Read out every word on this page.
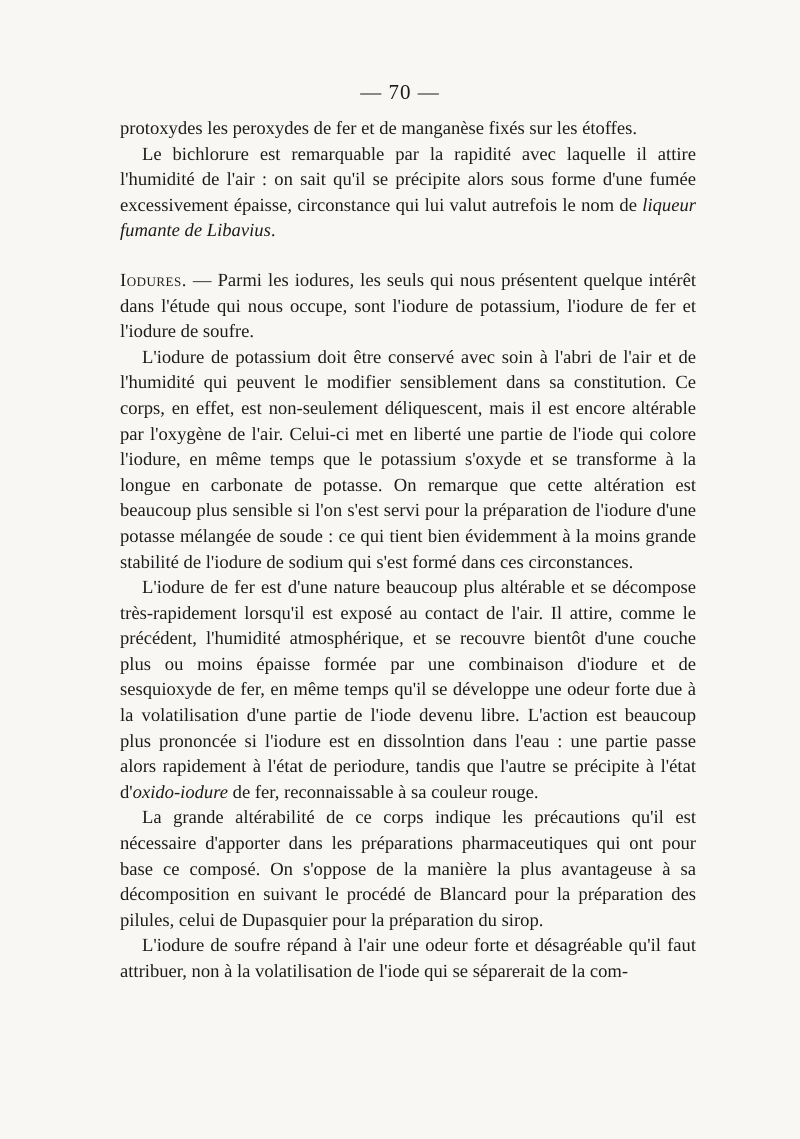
— 70 —

protoxydes les peroxydes de fer et de manganèse fixés sur les étoffes.

Le bichlorure est remarquable par la rapidité avec laquelle il attire l'humidité de l'air : on sait qu'il se précipite alors sous forme d'une fumée excessivement épaisse, circonstance qui lui valut autrefois le nom de liqueur fumante de Libavius.

Iodures. — Parmi les iodures, les seuls qui nous présentent quelque intérêt dans l'étude qui nous occupe, sont l'iodure de potassium, l'iodure de fer et l'iodure de soufre.

L'iodure de potassium doit être conservé avec soin à l'abri de l'air et de l'humidité qui peuvent le modifier sensiblement dans sa constitution. Ce corps, en effet, est non-seulement déliquescent, mais il est encore altérable par l'oxygène de l'air. Celui-ci met en liberté une partie de l'iode qui colore l'iodure, en même temps que le potassium s'oxyde et se transforme à la longue en carbonate de potasse. On remarque que cette altération est beaucoup plus sensible si l'on s'est servi pour la préparation de l'iodure d'une potasse mélangée de soude : ce qui tient bien évidemment à la moins grande stabilité de l'iodure de sodium qui s'est formé dans ces circonstances.

L'iodure de fer est d'une nature beaucoup plus altérable et se décompose très-rapidement lorsqu'il est exposé au contact de l'air. Il attire, comme le précédent, l'humidité atmosphérique, et se recouvre bientôt d'une couche plus ou moins épaisse formée par une combinaison d'iodure et de sesquioxyde de fer, en même temps qu'il se développe une odeur forte due à la volatilisation d'une partie de l'iode devenu libre. L'action est beaucoup plus prononcée si l'iodure est en dissolntion dans l'eau : une partie passe alors rapidement à l'état de periodure, tandis que l'autre se précipite à l'état d'oxido-iodure de fer, reconnaissable à sa couleur rouge.

La grande altérabilité de ce corps indique les précautions qu'il est nécessaire d'apporter dans les préparations pharmaceutiques qui ont pour base ce composé. On s'oppose de la manière la plus avantageuse à sa décomposition en suivant le procédé de Blancard pour la préparation des pilules, celui de Dupasquier pour la préparation du sirop.

L'iodure de soufre répand à l'air une odeur forte et désagréable qu'il faut attribuer, non à la volatilisation de l'iode qui se séparerait de la com-
